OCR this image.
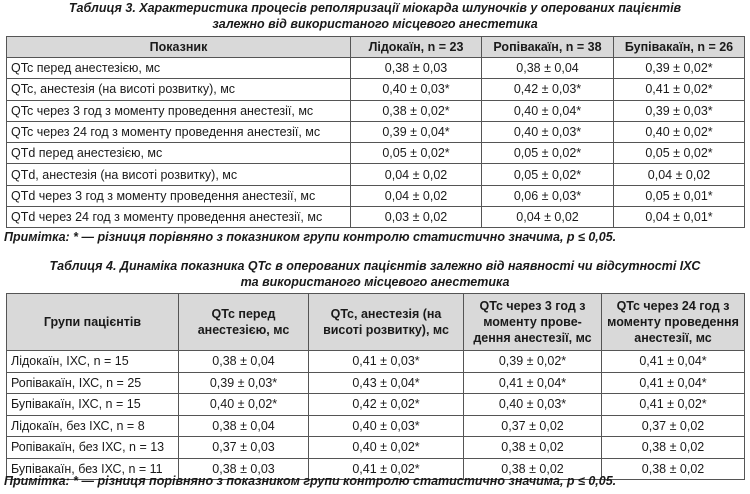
Таблиця 3. Характеристика процесів реполяризації міокарда шлуночків у оперованих пацієнтів
залежно від використаного місцевого анестетика
Показник	Лідокаїн, n = 23	Ропівакаїн, n = 38	Бупівакаїн, n = 26
QTc перед анестезією, мс	0,38 ± 0,03	0,38 ± 0,04	0,39 ± 0,02*
QTc, анестезія (на висоті розвитку), мс	0,40 ± 0,03*	0,42 ± 0,03*	0,41 ± 0,02*
QTc через 3 год з моменту проведення анестезії, мс	0,38 ± 0,02*	0,40 ± 0,04*	0,39 ± 0,03*
QTc через 24 год з моменту проведення анестезії, мс	0,39 ± 0,04*	0,40 ± 0,03*	0,40 ± 0,02*
QTd перед анестезією, мс	0,05 ± 0,02*	0,05 ± 0,02*	0,05 ± 0,02*
QTd, анестезія (на висоті розвитку), мс	0,04 ± 0,02	0,05 ± 0,02*	0,04 ± 0,02
QTd через 3 год з моменту проведення анестезії, мс	0,04 ± 0,02	0,06 ± 0,03*	0,05 ± 0,01*
QTd через 24 год з моменту проведення анестезії, мс	0,03 ± 0,02	0,04 ± 0,02	0,04 ± 0,01*
Примітка: * — різниця порівняно з показником групи контролю статистично значима, p ≤ 0,05.
Таблиця 4. Динаміка показника QTc в оперованих пацієнтів залежно від наявності чи відсутності ІХС
та використаного місцевого анестетика
Групи пацієнтів	QTc перед анестезією, мс	QTc, анестезія (на висоті розвитку), мс	QTc через 3 год з моменту проведення анестезії, мс	QTc через 24 год з моменту проведення анестезії, мс
Лідокаїн, ІХС, n = 15	0,38 ± 0,04	0,41 ± 0,03*	0,39 ± 0,02*	0,41 ± 0,04*
Ропівакаїн, ІХС, n = 25	0,39 ± 0,03*	0,43 ± 0,04*	0,41 ± 0,04*	0,41 ± 0,04*
Бупівакаїн, ІХС, n = 15	0,40 ± 0,02*	0,42 ± 0,02*	0,40 ± 0,03*	0,41 ± 0,02*
Лідокаїн, без ІХС, n = 8	0,38 ± 0,04	0,40 ± 0,03*	0,37 ± 0,02	0,37 ± 0,02
Ропівакаїн, без ІХС, n = 13	0,37 ± 0,03	0,40 ± 0,02*	0,38 ± 0,02	0,38 ± 0,02
Бупівакаїн, без ІХС, n = 11	0,38 ± 0,03	0,41 ± 0,02*	0,38 ± 0,02	0,38 ± 0,02
Примітка: * — різниця порівняно з показником групи контролю статистично значима, p ≤ 0,05.
